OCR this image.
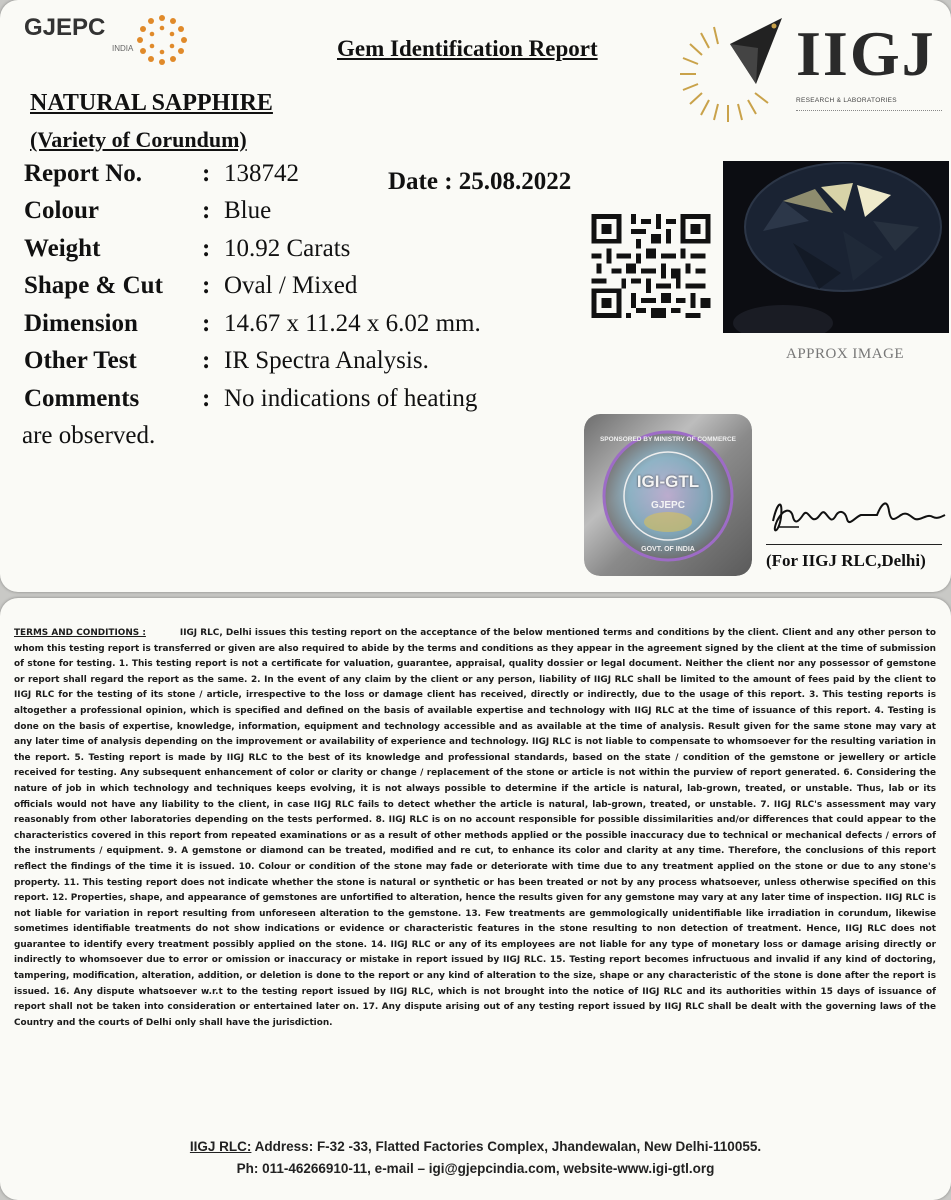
GJEPC
INDIA	Gem Identification Report	IIGJ
RESEARCH & LABORATORIES
NATURAL SAPPHIRE
(Variety of Corundum)
Report No. : 138742	Date : 25.08.2022
Colour	: Blue
Weight	: 10.92 Carats
Shape & Cut : Oval / Mixed
Dimension	: 14.67 x 11.24 x 6.02 mm.
Other Test	: IR Spectra Analysis.
Comments	: No indications of heating
are observed.
APPROX IMAGE
IGI-GTL
GJEPC
SPONSORED BY MINISTRY OF COMMERCE
GOVT. OF INDIA
(For IIGJ RLC,Delhi)
TERMS AND CONDITIONS :	IIGJ RLC, Delhi issues this testing report on the acceptance of the below mentioned terms and conditions by the client. Client and any other person to whom this testing report is transferred or given are also required to abide by the terms and conditions as they appear in the agreement signed by the client at the time of submission of stone for testing. 1. This testing report is not a certificate for valuation, guarantee, appraisal, quality dossier or legal document. Neither the client nor any possessor of gemstone or report shall regard the report as the same. 2. In the event of any claim by the client or any person, liability of IIGJ RLC shall be limited to the amount of fees paid by the client to IIGJ RLC for the testing of its stone / article, irrespective to the loss or damage client has received, directly or indirectly, due to the usage of this report. 3. This testing reports is altogether a professional opinion, which is specified and defined on the basis of available expertise and technology with IIGJ RLC at the time of issuance of this report. 4. Testing is done on the basis of expertise, knowledge, information, equipment and technology accessible and as available at the time of analysis. Result given for the same stone may vary at any later time of analysis depending on the improvement or availability of experience and technology. IIGJ RLC is not liable to compensate to whomsoever for the resulting variation in the report. 5. Testing report is made by IIGJ RLC to the best of its knowledge and professional standards, based on the state / condition of the gemstone or jewellery or article received for testing. Any subsequent enhancement of color or clarity or change / replacement of the stone or article is not within the purview of report generated. 6. Considering the nature of job in which technology and techniques keeps evolving, it is not always possible to determine if the article is natural, lab-grown, treated, or unstable. Thus, lab or its officials would not have any liability to the client, in case IIGJ RLC fails to detect whether the article is natural, lab-grown, treated, or unstable. 7. IIGJ RLC's assessment may vary reasonably from other laboratories depending on the tests performed. 8. IIGJ RLC is on no account responsible for possible dissimilarities and/or differences that could appear to the characteristics covered in this report from repeated examinations or as a result of other methods applied or the possible inaccuracy due to technical or mechanical defects / errors of the instruments / equipment. 9. A gemstone or diamond can be treated, modified and re cut, to enhance its color and clarity at any time. Therefore, the conclusions of this report reflect the findings of the time it is issued. 10. Colour or condition of the stone may fade or deteriorate with time due to any treatment applied on the stone or due to any stone's property. 11. This testing report does not indicate whether the stone is natural or synthetic or has been treated or not by any process whatsoever, unless otherwise specified on this report. 12. Properties, shape, and appearance of gemstones are unfortified to alteration, hence the results given for any gemstone may vary at any later time of inspection. IIGJ RLC is not liable for variation in report resulting from unforeseen alteration to the gemstone. 13. Few treatments are gemmologically unidentifiable like irradiation in corundum, likewise sometimes identifiable treatments do not show indications or evidence or characteristic features in the stone resulting to non detection of treatment. Hence, IIGJ RLC does not guarantee to identify every treatment possibly applied on the stone. 14. IIGJ RLC or any of its employees are not liable for any type of monetary loss or damage arising directly or indirectly to whomsoever due to error or omission or inaccuracy or mistake in report issued by IIGJ RLC. 15. Testing report becomes infructuous and invalid if any kind of doctoring, tampering, modification, alteration, addition, or deletion is done to the report or any kind of alteration to the size, shape or any characteristic of the stone is done after the report is issued. 16. Any dispute whatsoever w.r.t to the testing report issued by IIGJ RLC, which is not brought into the notice of IIGJ RLC and its authorities within 15 days of issuance of report shall not be taken into consideration or entertained later on. 17. Any dispute arising out of any testing report issued by IIGJ RLC shall be dealt with the governing laws of the Country and the courts of Delhi only shall have the jurisdiction.
IIGJ RLC: Address: F-32 -33, Flatted Factories Complex, Jhandewalan, New Delhi-110055.
Ph: 011-46266910-11, e-mail – igi@gjepcindia.com, website-www.igi-gtl.org
